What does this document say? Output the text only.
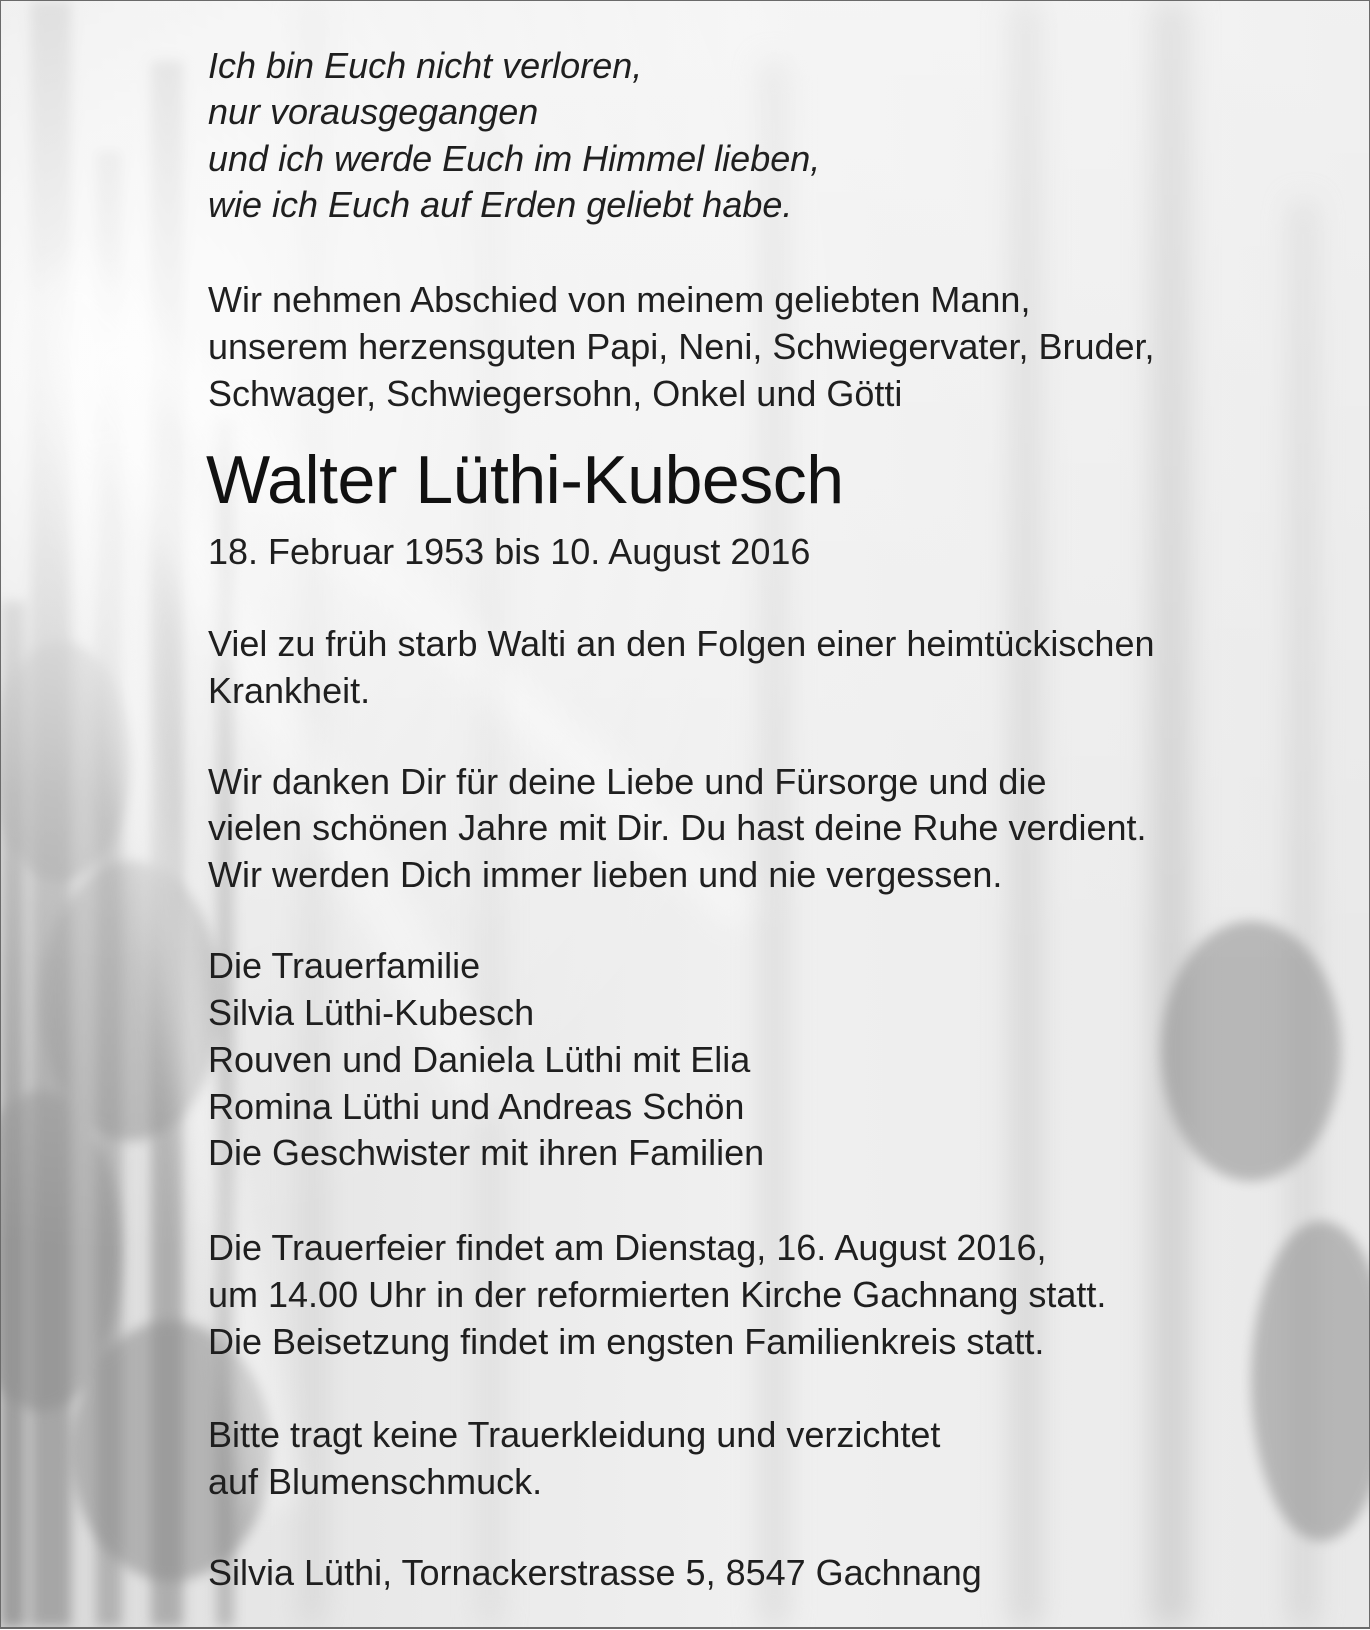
Ich bin Euch nicht verloren,
nur vorausgegangen
und ich werde Euch im Himmel lieben,
wie ich Euch auf Erden geliebt habe.
Wir nehmen Abschied von meinem geliebten Mann,
unserem herzensguten Papi, Neni, Schwiegervater, Bruder,
Schwager, Schwiegersohn, Onkel und Götti
Walter Lüthi-Kubesch
18. Februar 1953 bis 10. August 2016
Viel zu früh starb Walti an den Folgen einer heimtückischen
Krankheit.
Wir danken Dir für deine Liebe und Fürsorge und die
vielen schönen Jahre mit Dir. Du hast deine Ruhe verdient.
Wir werden Dich immer lieben und nie vergessen.
Die Trauerfamilie
Silvia Lüthi-Kubesch
Rouven und Daniela Lüthi mit Elia
Romina Lüthi und Andreas Schön
Die Geschwister mit ihren Familien
Die Trauerfeier findet am Dienstag, 16. August 2016,
um 14.00 Uhr in der reformierten Kirche Gachnang statt.
Die Beisetzung findet im engsten Familienkreis statt.
Bitte tragt keine Trauerkleidung und verzichtet
auf Blumenschmuck.
Silvia Lüthi, Tornackerstrasse 5, 8547 Gachnang
